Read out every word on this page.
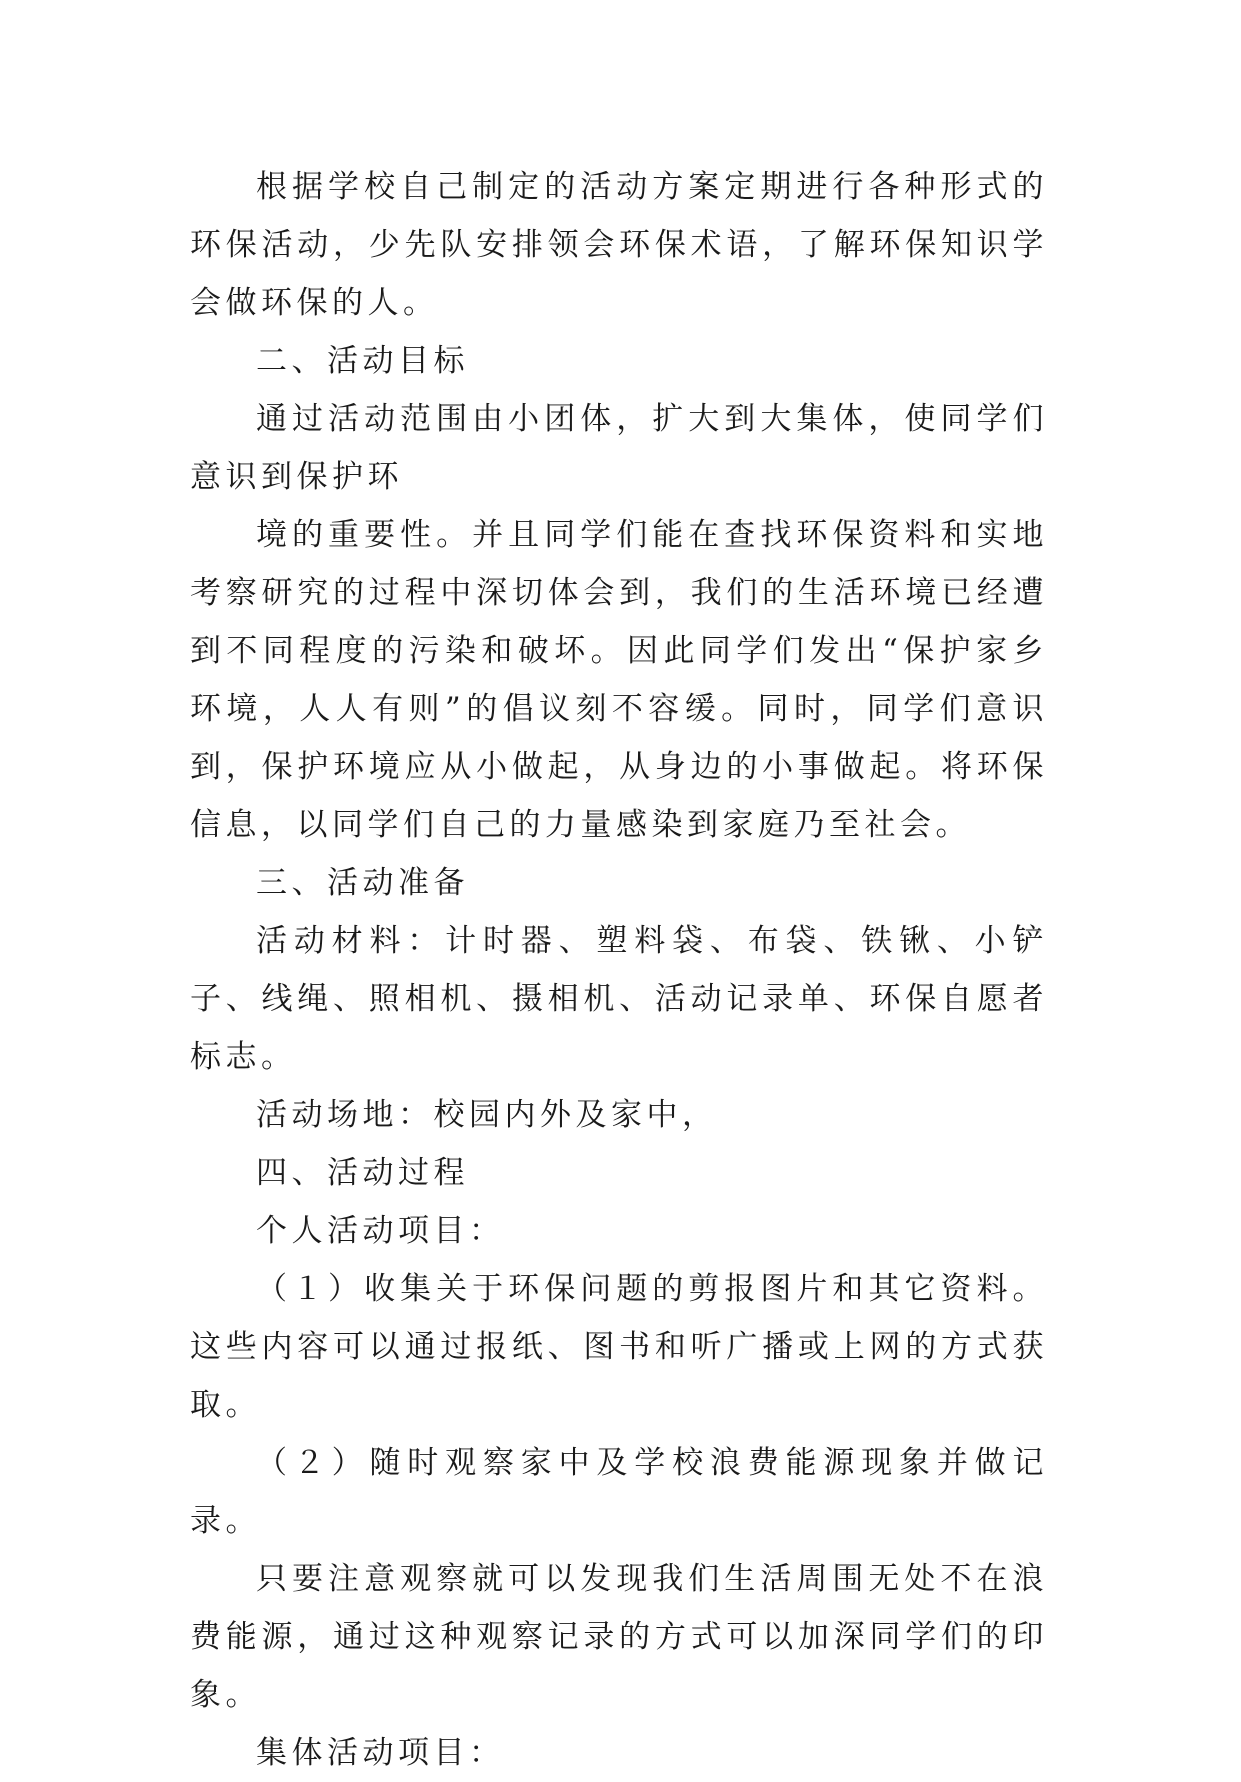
根据学校自己制定的活动方案定期进行各种形式的环保活动，少先队安排领会环保术语，了解环保知识学会做环保的人。

二、活动目标

通过活动范围由小团体，扩大到大集体，使同学们意识到保护环

境的重要性。并且同学们能在查找环保资料和实地考察研究的过程中深切体会到，我们的生活环境已经遭到不同程度的污染和破坏。因此同学们发出“保护家乡环境，人人有则”的倡议刻不容缓。同时，同学们意识到，保护环境应从小做起，从身边的小事做起。将环保信息，以同学们自己的力量感染到家庭乃至社会。

三、活动准备

活动材料：计时器、塑料袋、布袋、铁锹、小铲子、线绳、照相机、摄相机、活动记录单、环保自愿者标志。

活动场地：校园内外及家中，

四、活动过程

个人活动项目：

（１）收集关于环保问题的剪报图片和其它资料。这些内容可以通过报纸、图书和听广播或上网的方式获取。

（２）随时观察家中及学校浪费能源现象并做记录。

只要注意观察就可以发现我们生活周围无处不在浪费能源，通过这种观察记录的方式可以加深同学们的印象。

集体活动项目：
